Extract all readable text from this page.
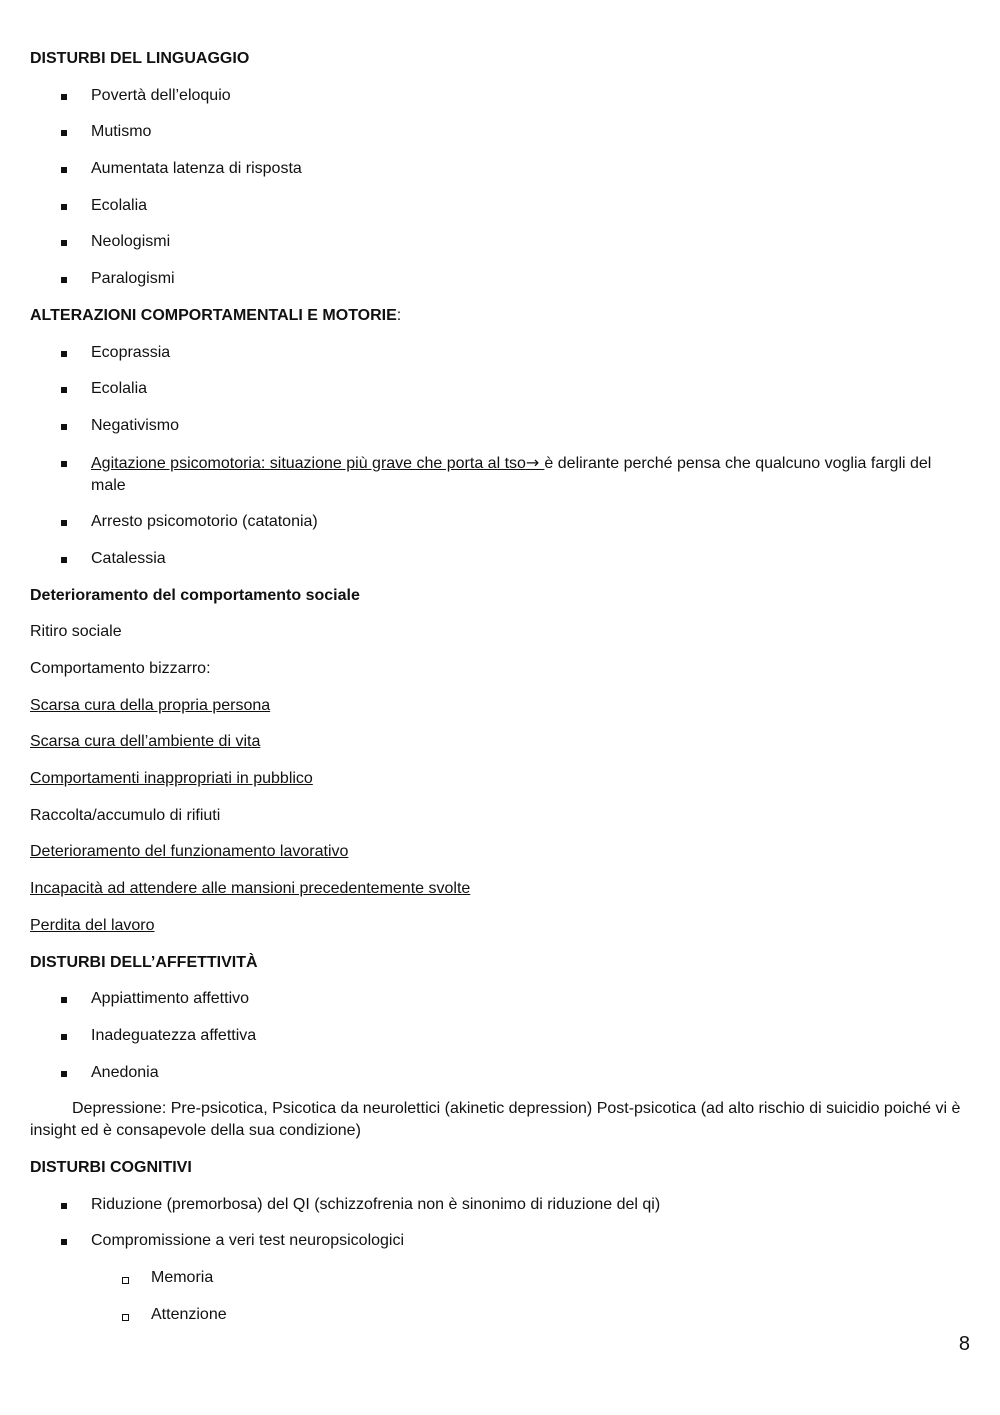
DISTURBI DEL LINGUAGGIO
Povertà dell’eloquio
Mutismo
Aumentata latenza di risposta
Ecolalia
Neologismi
Paralogismi
ALTERAZIONI COMPORTAMENTALI E MOTORIE:
Ecoprassia
Ecolalia
Negativismo
Agitazione psicomotoria: situazione più grave che porta al tso→ è delirante perché pensa che qualcuno voglia fargli del male
Arresto psicomotorio (catatonia)
Catalessia
Deterioramento del comportamento sociale
Ritiro sociale
Comportamento bizzarro:
Scarsa cura della propria persona
Scarsa cura dell’ambiente di vita
Comportamenti inappropriati in pubblico
Raccolta/accumulo di rifiuti
Deterioramento del funzionamento lavorativo
Incapacità ad attendere alle mansioni precedentemente svolte
Perdita del lavoro
DISTURBI DELL’AFFETTIVITÀ
Appiattimento affettivo
Inadeguatezza affettiva
Anedonia
Depressione: Pre-psicotica, Psicotica da neurolettici (akinetic depression) Post-psicotica (ad alto rischio di suicidio poiché vi è insight ed è consapevole della sua condizione)
DISTURBI COGNITIVI
Riduzione (premorbosa) del QI (schizzofrenia non è sinonimo di riduzione del qi)
Compromissione a veri test neuropsicologici
Memoria
Attenzione
8
